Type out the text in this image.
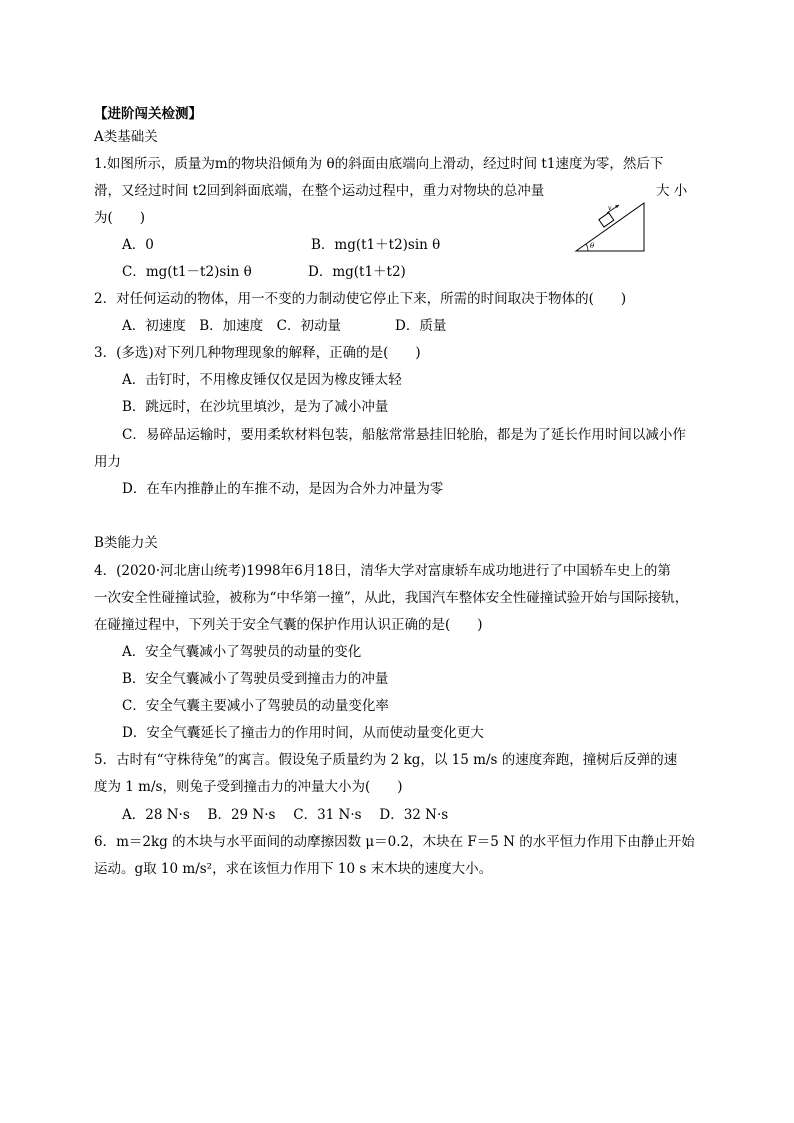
【进阶闯关检测】
A类基础关
1.如图所示，质量为m的物块沿倾角为 θ的斜面由底端向上滑动，经过时间 t1速度为零，然后下
滑，又经过时间 t2回到斜面底端，在整个运动过程中，重力对物块的总冲量	大 小
为(　　)
A．0	B．mg(t1＋t2)sin θ
C．mg(t1－t2)sin θ	D．mg(t1＋t2)
v
θ
2．对任何运动的物体，用一不变的力制动使它停止下来，所需的时间取决于物体的(　　)
A．初速度　B．加速度　C．初动量　　　　D．质量
3．(多选)对下列几种物理现象的解释，正确的是(　　)
A．击钉时，不用橡皮锤仅仅是因为橡皮锤太轻
B．跳远时，在沙坑里填沙，是为了减小冲量
C．易碎品运输时，要用柔软材料包装，船舷常常悬挂旧轮胎，都是为了延长作用时间以减小作
用力
D．在车内推静止的车推不动，是因为合外力冲量为零
B类能力关
4．(2020·河北唐山统考)1998年6月18日，清华大学对富康轿车成功地进行了中国轿车史上的第
一次安全性碰撞试验，被称为“中华第一撞”，从此，我国汽车整体安全性碰撞试验开始与国际接轨，
在碰撞过程中，下列关于安全气囊的保护作用认识正确的是(　　)
A．安全气囊减小了驾驶员的动量的变化
B．安全气囊减小了驾驶员受到撞击力的冲量
C．安全气囊主要减小了驾驶员的动量变化率
D．安全气囊延长了撞击力的作用时间，从而使动量变化更大
5．古时有“守株待兔”的寓言。假设兔子质量约为 2 kg，以 15 m/s 的速度奔跑，撞树后反弹的速
度为 1 m/s，则兔子受到撞击力的冲量大小为(　　)
A．28 N·s　 B．29 N·s　 C．31 N·s　 D．32 N·s
6．m＝2kg 的木块与水平面间的动摩擦因数 μ＝0.2，木块在 F＝5 N 的水平恒力作用下由静止开始
运动。g取 10 m/s²，求在该恒力作用下 10 s 末木块的速度大小。
